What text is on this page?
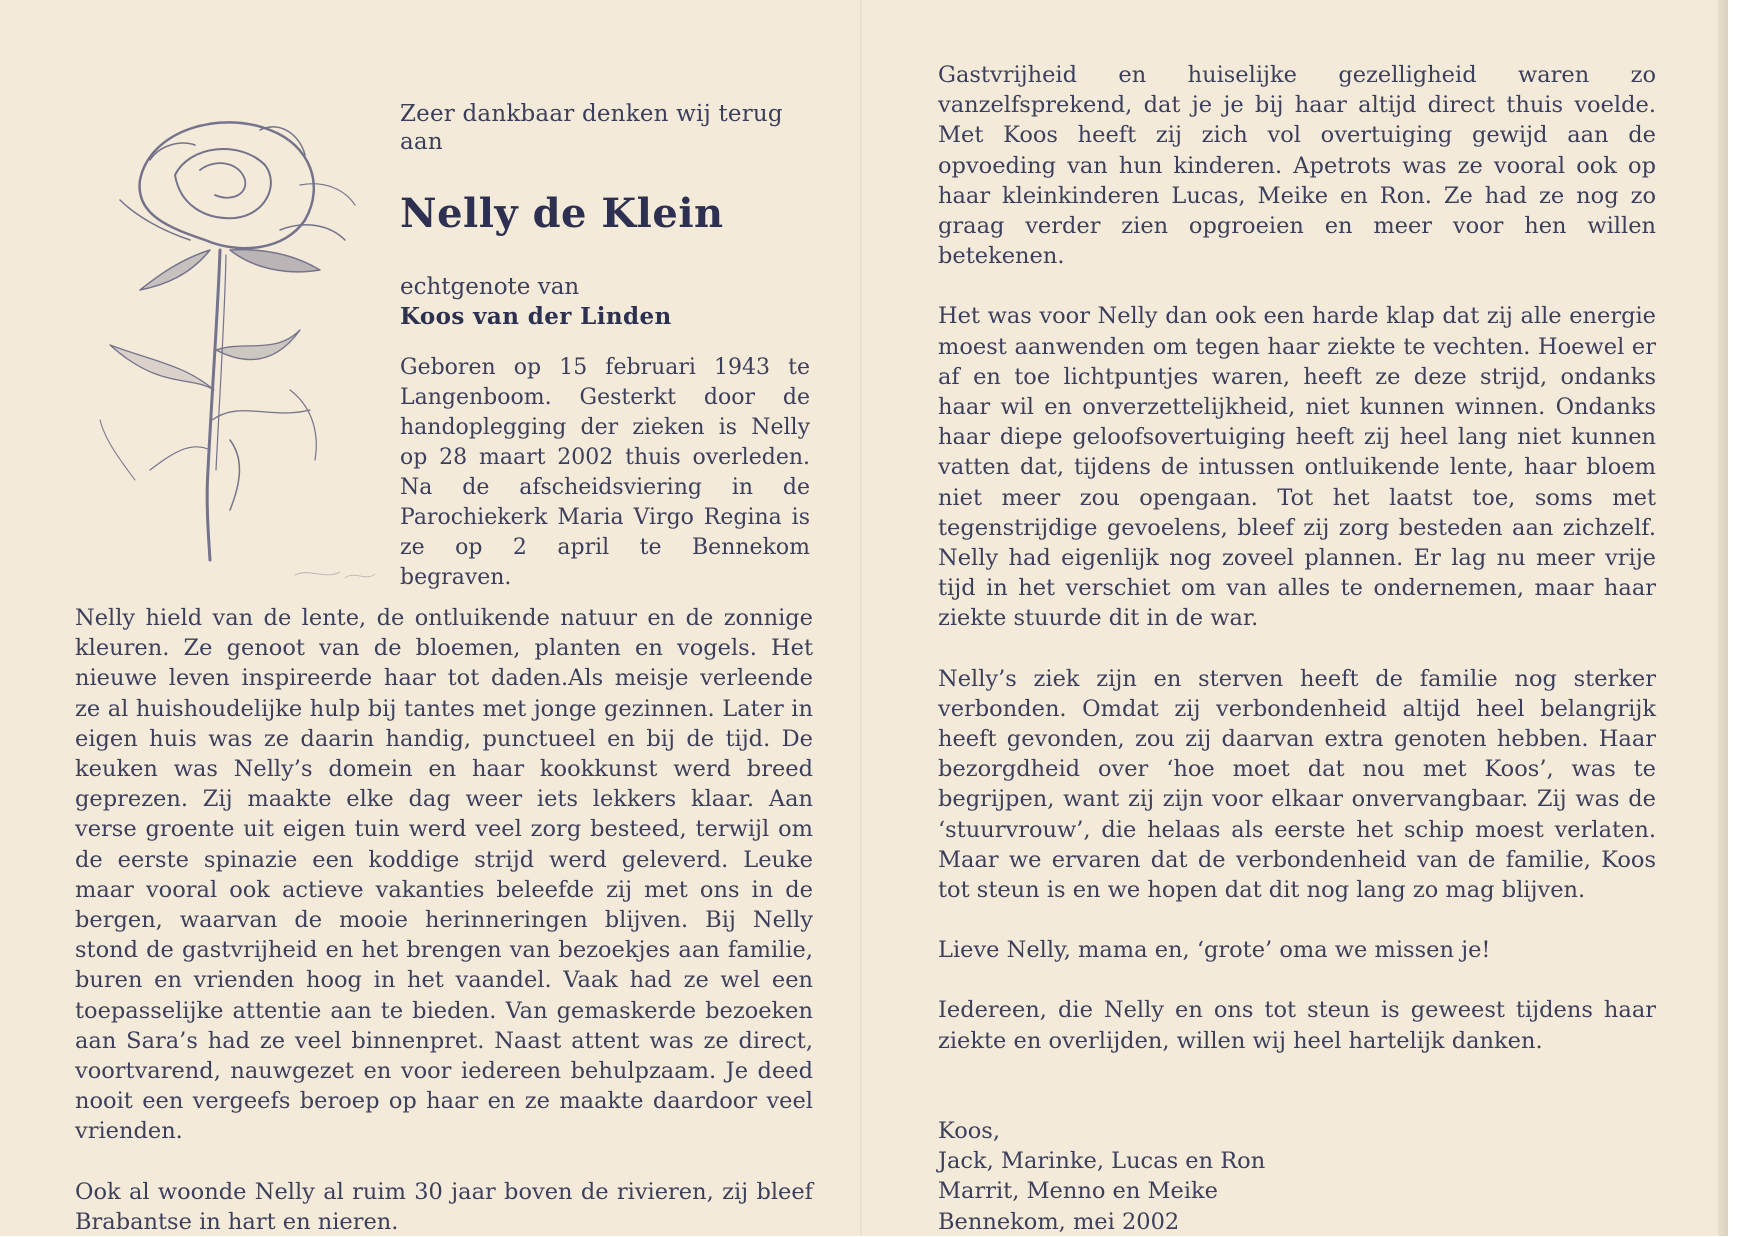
Zeer dankbaar denken wij terug aan

Nelly de Klein

echtgenote van

Koos van der Linden

Geboren op 15 februari 1943 te Langenboom. Gesterkt door de handoplegging der zieken is Nelly op 28 maart 2002 thuis overleden. Na de afscheidsviering in de Parochiekerk Maria Virgo Regina is ze op 2 april te Bennekom begraven.

Nelly hield van de lente, de ontluikende natuur en de zonnige kleuren. Ze genoot van de bloemen, planten en vogels. Het nieuwe leven inspireerde haar tot daden.Als meisje verleende ze al huishoudelijke hulp bij tantes met jonge gezinnen. Later in eigen huis was ze daarin handig, punctueel en bij de tijd. De keuken was Nelly’s domein en haar kookkunst werd breed geprezen. Zij maakte elke dag weer iets lekkers klaar. Aan verse groente uit eigen tuin werd veel zorg besteed, terwijl om de eerste spinazie een koddige strijd werd geleverd. Leuke maar vooral ook actieve vakanties beleefde zij met ons in de bergen, waarvan de mooie herinneringen blijven. Bij Nelly stond de gastvrijheid en het brengen van bezoekjes aan familie, buren en vrienden hoog in het vaandel. Vaak had ze wel een toepasselijke attentie aan te bieden. Van gemaskerde bezoeken aan Sara’s had ze veel binnenpret. Naast attent was ze direct, voortvarend, nauwgezet en voor iedereen behulpzaam. Je deed nooit een vergeefs beroep op haar en ze maakte daardoor veel vrienden.

Ook al woonde Nelly al ruim 30 jaar boven de rivieren, zij bleef Brabantse in hart en nieren.

Gastvrijheid en huiselijke gezelligheid waren zo vanzelfsprekend, dat je je bij haar altijd direct thuis voelde. Met Koos heeft zij zich vol overtuiging gewijd aan de opvoeding van hun kinderen. Apetrots was ze vooral ook op haar kleinkinderen Lucas, Meike en Ron. Ze had ze nog zo graag verder zien opgroeien en meer voor hen willen betekenen.

Het was voor Nelly dan ook een harde klap dat zij alle energie moest aanwenden om tegen haar ziekte te vechten. Hoewel er af en toe lichtpuntjes waren, heeft ze deze strijd, ondanks haar wil en onverzettelijkheid, niet kunnen winnen. Ondanks haar diepe geloofsovertuiging heeft zij heel lang niet kunnen vatten dat, tijdens de intussen ontluikende lente, haar bloem niet meer zou opengaan. Tot het laatst toe, soms met tegenstrijdige gevoelens, bleef zij zorg besteden aan zichzelf. Nelly had eigenlijk nog zoveel plannen. Er lag nu meer vrije tijd in het verschiet om van alles te ondernemen, maar haar ziekte stuurde dit in de war.

Nelly’s ziek zijn en sterven heeft de familie nog sterker verbonden. Omdat zij verbondenheid altijd heel belangrijk heeft gevonden, zou zij daarvan extra genoten hebben. Haar bezorgdheid over ‘hoe moet dat nou met Koos’, was te begrijpen, want zij zijn voor elkaar onvervangbaar. Zij was de ‘stuurvrouw’, die helaas als eerste het schip moest verlaten. Maar we ervaren dat de verbondenheid van de familie, Koos tot steun is en we hopen dat dit nog lang zo mag blijven.

Lieve Nelly, mama en, ‘grote’ oma we missen je!

Iedereen, die Nelly en ons tot steun is geweest tijdens haar ziekte en overlijden, willen wij heel hartelijk danken.

Koos,
Jack, Marinke, Lucas en Ron
Marrit, Menno en Meike
Bennekom, mei 2002
